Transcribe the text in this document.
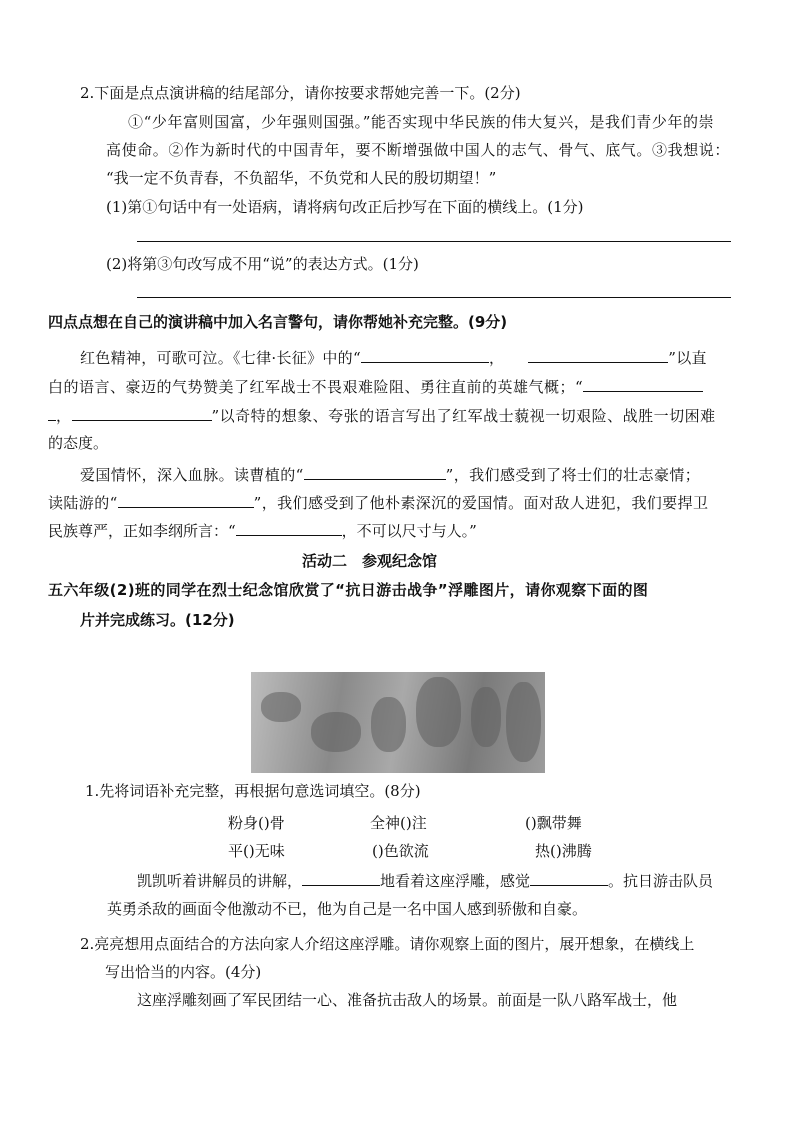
2.下面是点点演讲稿的结尾部分，请你按要求帮她完善一下。(2分)
①“少年富则国富，少年强则国强。”能否实现中华民族的伟大复兴，是我们青少年的崇
高使命。②作为新时代的中国青年，要不断增强做中国人的志气、骨气、底气。③我想说：
“我一定不负青春，不负韶华，不负党和人民的殷切期望！”
(1)第①句话中有一处语病，请将病句改正后抄写在下面的横线上。(1分)
(2)将第③句改写成不用“说”的表达方式。(1分)
四点点想在自己的演讲稿中加入名言警句，请你帮她补充完整。(9分)
红色精神，可歌可泣。《七律·长征》中的“	，	”以直
白的语言、豪迈的气势赞美了红军战士不畏艰难险阻、勇往直前的英雄气概；“
，	”以奇特的想象、夸张的语言写出了红军战士藐视一切艰险、战胜一切困难
的态度。
爱国情怀，深入血脉。读曹植的“	”，我们感受到了将士们的壮志豪情；
读陆游的“	”，我们感受到了他朴素深沉的爱国情。面对敌人进犯，我们要捍卫
民族尊严，正如李纲所言：“	，不可以尺寸与人。”
活动二　参观纪念馆
五六年级(2)班的同学在烈士纪念馆欣赏了“抗日游击战争”浮雕图片，请你观察下面的图
片并完成练习。(12分)
1.先将词语补充完整，再根据句意选词填空。(8分)
粉身()骨	全神()注	()飘带舞
平()无味	()色欲流	热()沸腾
凯凯听着讲解员的讲解，	地看着这座浮雕，感觉	。抗日游击队员
英勇杀敌的画面令他激动不已，他为自己是一名中国人感到骄傲和自豪。
2.亮亮想用点面结合的方法向家人介绍这座浮雕。请你观察上面的图片，展开想象，在横线上
写出恰当的内容。(4分)
这座浮雕刻画了军民团结一心、准备抗击敌人的场景。前面是一队八路军战士，他
